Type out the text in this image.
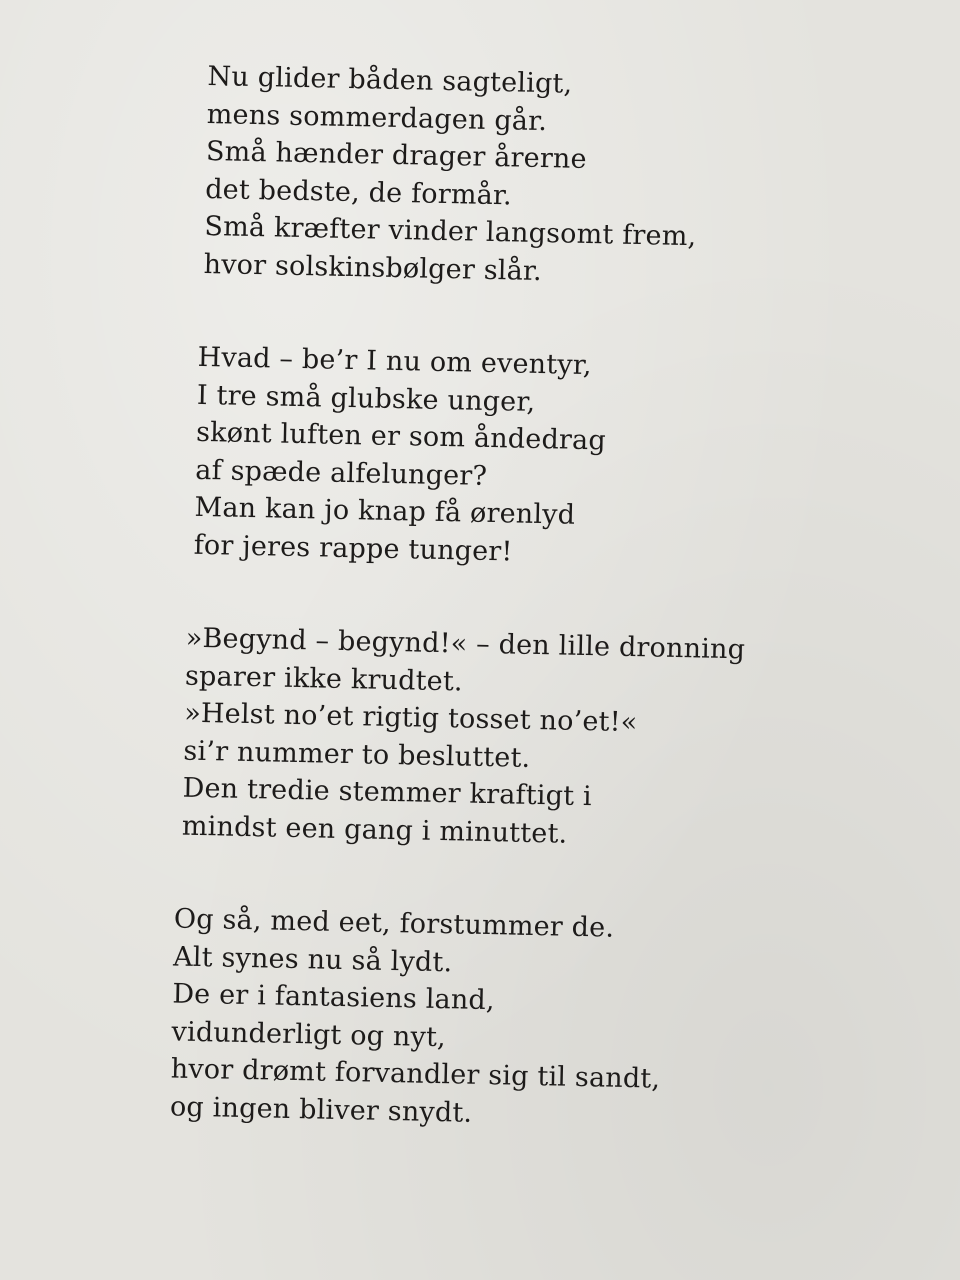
Nu glider båden sagteligt,
mens sommerdagen går.
Små hænder drager årerne
det bedste, de formår.
Små kræfter vinder langsomt frem,
hvor solskinsbølger slår.
Hvad – be’r I nu om eventyr,
I tre små glubske unger,
skønt luften er som åndedrag
af spæde alfelunger?
Man kan jo knap få ørenlyd
for jeres rappe tunger!
»Begynd – begynd!« – den lille dronning
sparer ikke krudtet.
»Helst no’et rigtig tosset no’et!«
si’r nummer to besluttet.
Den tredie stemmer kraftigt i
mindst een gang i minuttet.
Og så, med eet, forstummer de.
Alt synes nu så lydt.
De er i fantasiens land,
vidunderligt og nyt,
hvor drømt forvandler sig til sandt,
og ingen bliver snydt.
